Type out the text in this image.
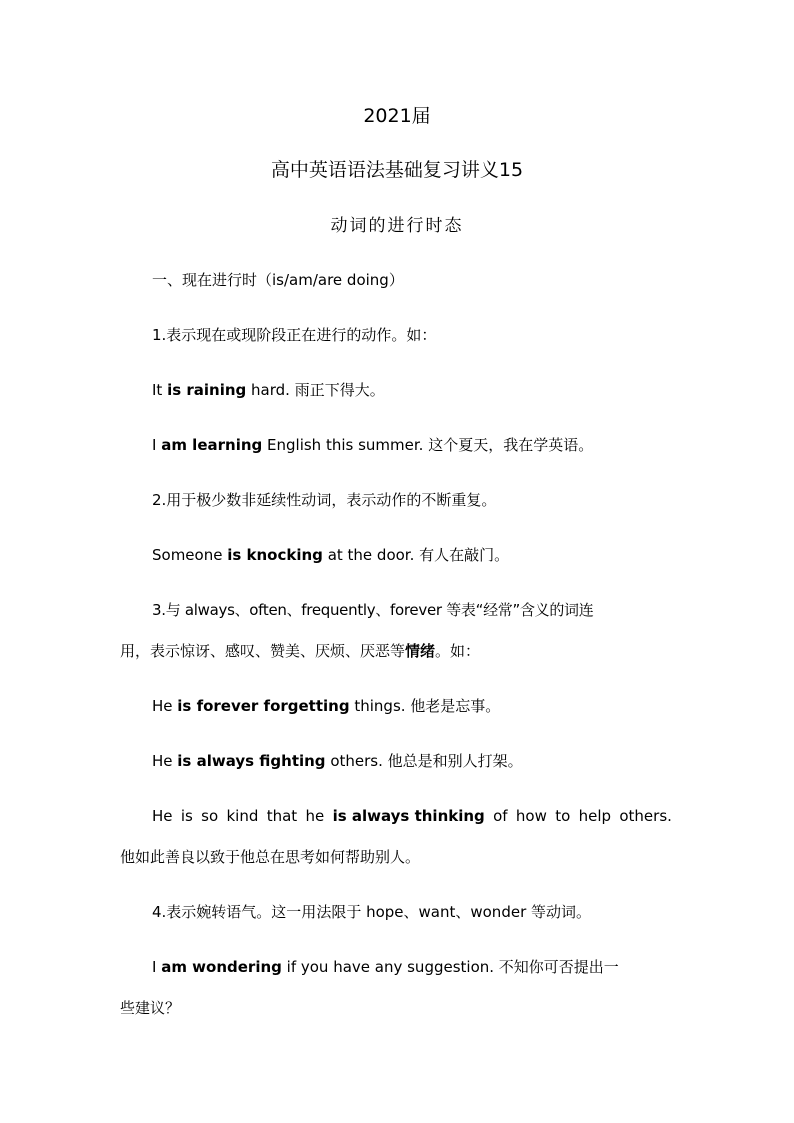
2021届
高中英语语法基础复习讲义15
动词的进行时态

一、现在进行时（is/am/are doing）

1.表示现在或现阶段正在进行的动作。如：

It is raining hard. 雨正下得大。

I am learning English this summer. 这个夏天，我在学英语。

2.用于极少数非延续性动词，表示动作的不断重复。

Someone is knocking at the door. 有人在敲门。

3.与 always、often、frequently、forever 等表“经常”含义的词连

用，表示惊讶、感叹、赞美、厌烦、厌恶等情绪。如：

He is forever forgetting things. 他老是忘事。

He is always fighting others. 他总是和别人打架。

He is so kind that he is always thinking of how to help others.

他如此善良以致于他总在思考如何帮助别人。

4.表示婉转语气。这一用法限于 hope、want、wonder 等动词。

I am wondering if you have any suggestion. 不知你可否提出一

些建议？
